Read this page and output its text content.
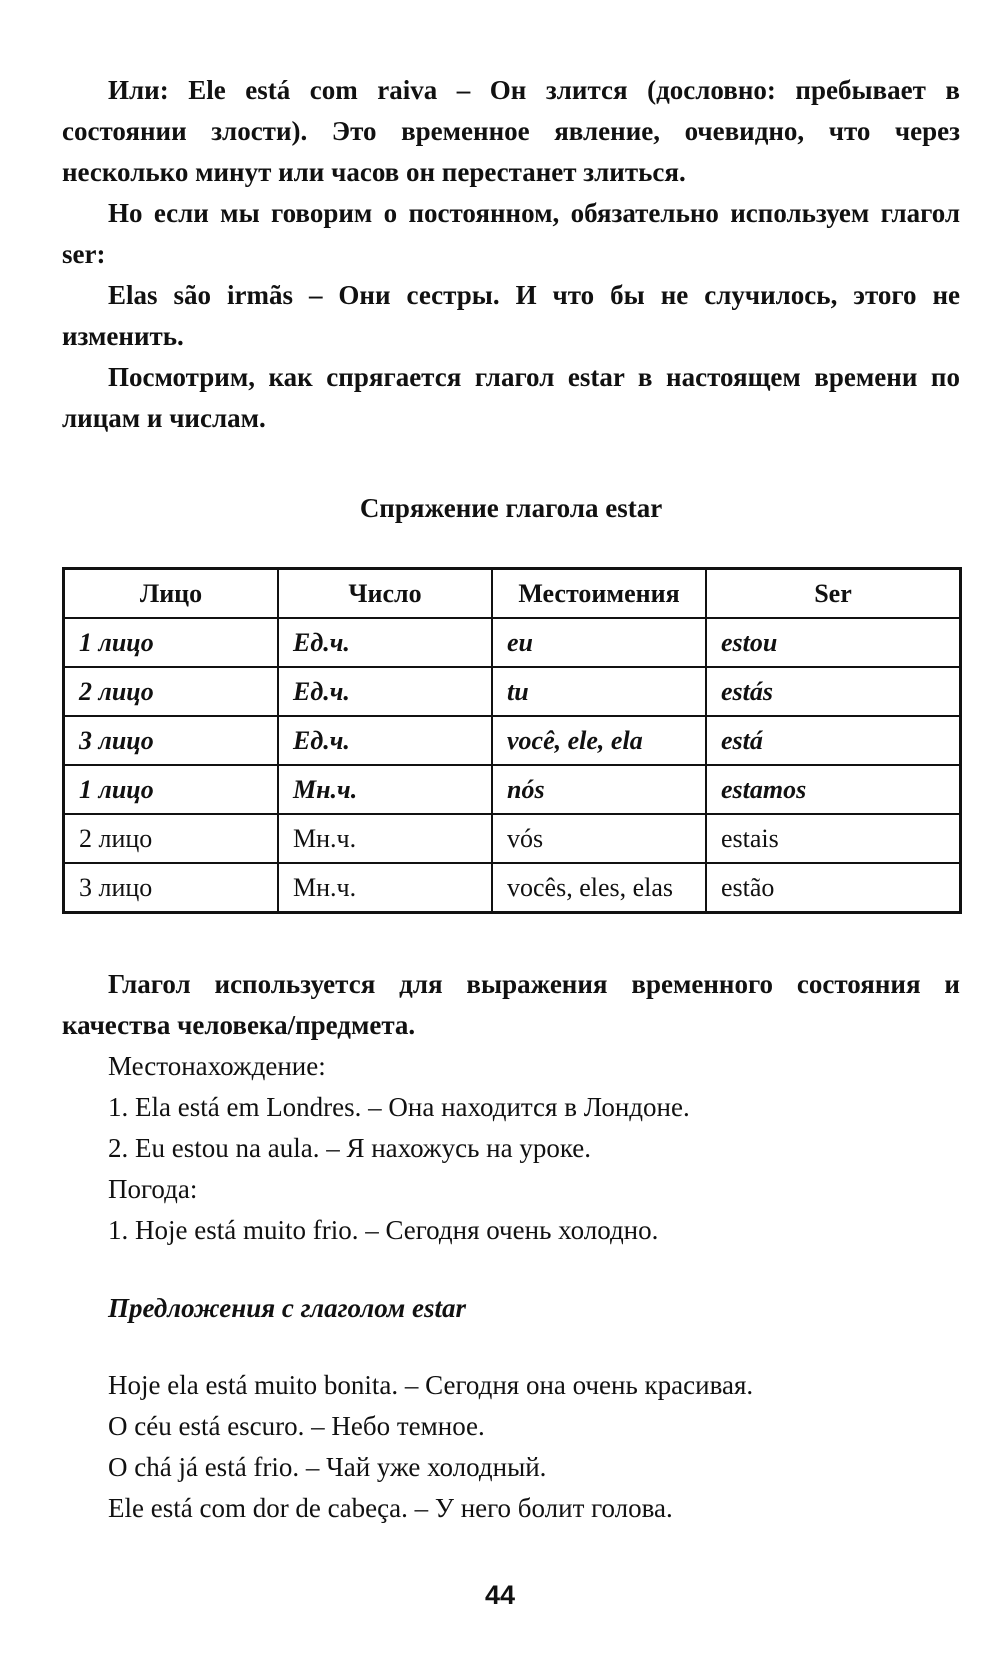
Или: Ele está com raiva – Он злится (дословно: пребывает в состоянии злости). Это временное явление, очевидно, что через несколько минут или часов он перестанет злиться.

Но если мы говорим о постоянном, обязательно используем глагол ser:

Elas são irmãs – Они сестры. И что бы не случилось, этого не изменить.

Посмотрим, как спрягается глагол estar в настоящем времени по лицам и числам.

Спряжение глагола estar
Лицо	Число	Местоимения	Ser
1 лицо	Ед.ч.	eu	estou
2 лицо	Ед.ч.	tu	estás
3 лицо	Ед.ч.	você, ele, ela	está
1 лицо	Мн.ч.	nós	estamos
2 лицо	Мн.ч.	vós	estais
3 лицо	Мн.ч.	vocês, eles, elas	estão

Глагол используется для выражения временного состояния и качества человека/предмета.

Местонахождение:

1. Ela está em Londres. – Она находится в Лондоне.

2. Eu estou na aula. – Я нахожусь на уроке.

Погода:

1. Hoje está muito frio. – Сегодня очень холодно.

Предложения с глаголом estar

Hoje ela está muito bonita. – Сегодня она очень красивая.

O céu está escuro. – Небо темное.

O chá já está frio. – Чай уже холодный.

Ele está com dor de cabeça. – У него болит голова.

44
